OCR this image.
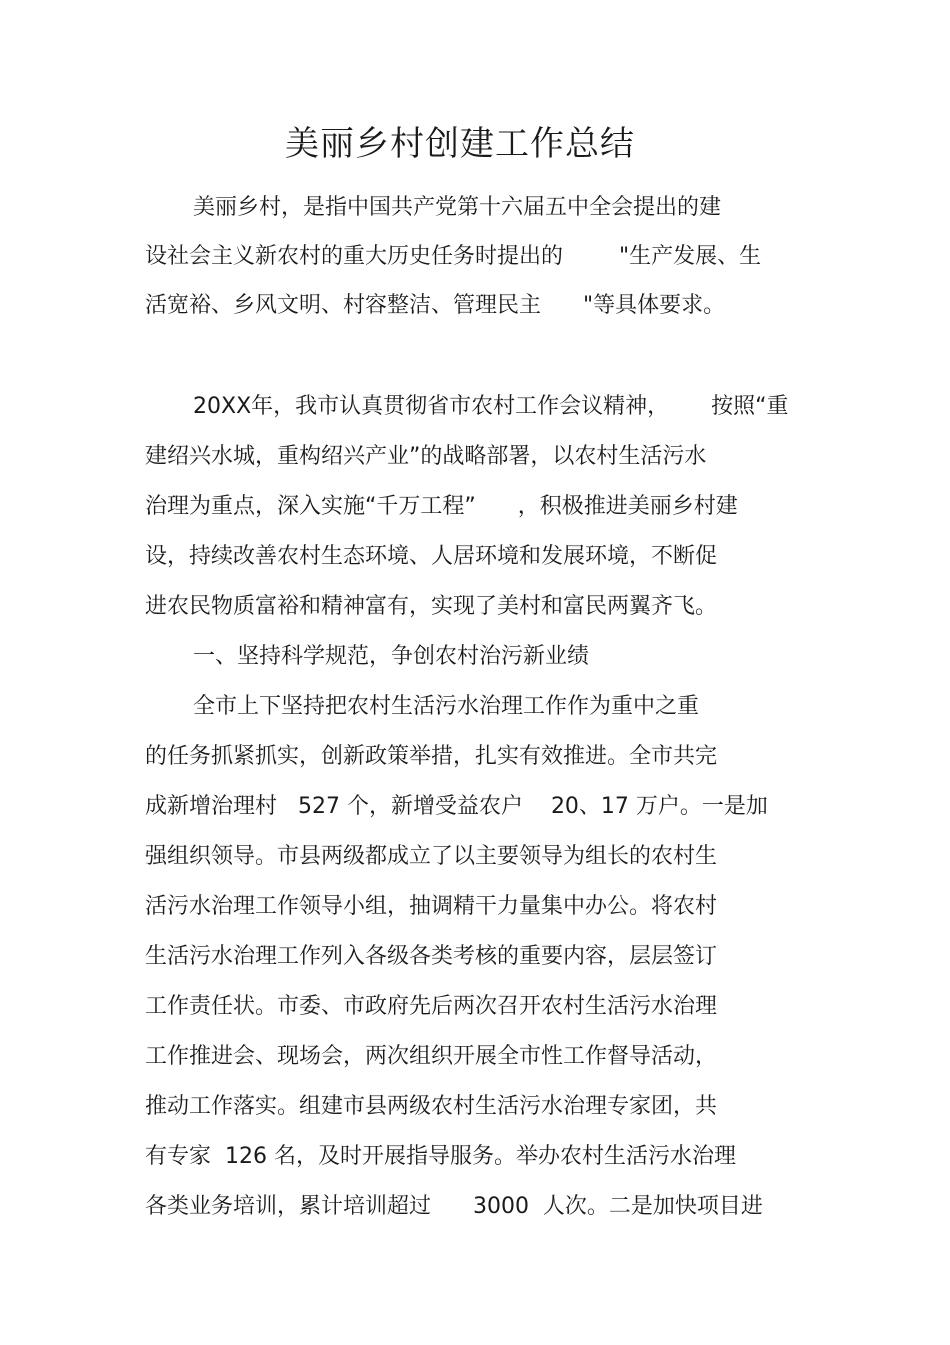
美丽乡村创建工作总结
美丽乡村，是指中国共产党第十六届五中全会提出的建
设社会主义新农村的重大历史任务时提出的        "生产发展、生
活宽裕、乡风文明、村容整洁、管理民主      "等具体要求。
20XX年，我市认真贯彻省市农村工作会议精神，      按照“重
建绍兴水城，重构绍兴产业”的战略部署，以农村生活污水
治理为重点，深入实施“千万工程”      ，积极推进美丽乡村建
设，持续改善农村生态环境、人居环境和发展环境，不断促
进农民物质富裕和精神富有，实现了美村和富民两翼齐飞。
一、坚持科学规范，争创农村治污新业绩
全市上下坚持把农村生活污水治理工作作为重中之重
的任务抓紧抓实，创新政策举措，扎实有效推进。全市共完
成新增治理村   527 个，新增受益农户    20、17 万户。一是加
强组织领导。市县两级都成立了以主要领导为组长的农村生
活污水治理工作领导小组，抽调精干力量集中办公。将农村
生活污水治理工作列入各级各类考核的重要内容，层层签订
工作责任状。市委、市政府先后两次召开农村生活污水治理
工作推进会、现场会，两次组织开展全市性工作督导活动，
推动工作落实。组建市县两级农村生活污水治理专家团，共
有专家  126 名，及时开展指导服务。举办农村生活污水治理
各类业务培训，累计培训超过      3000  人次。二是加快项目进
